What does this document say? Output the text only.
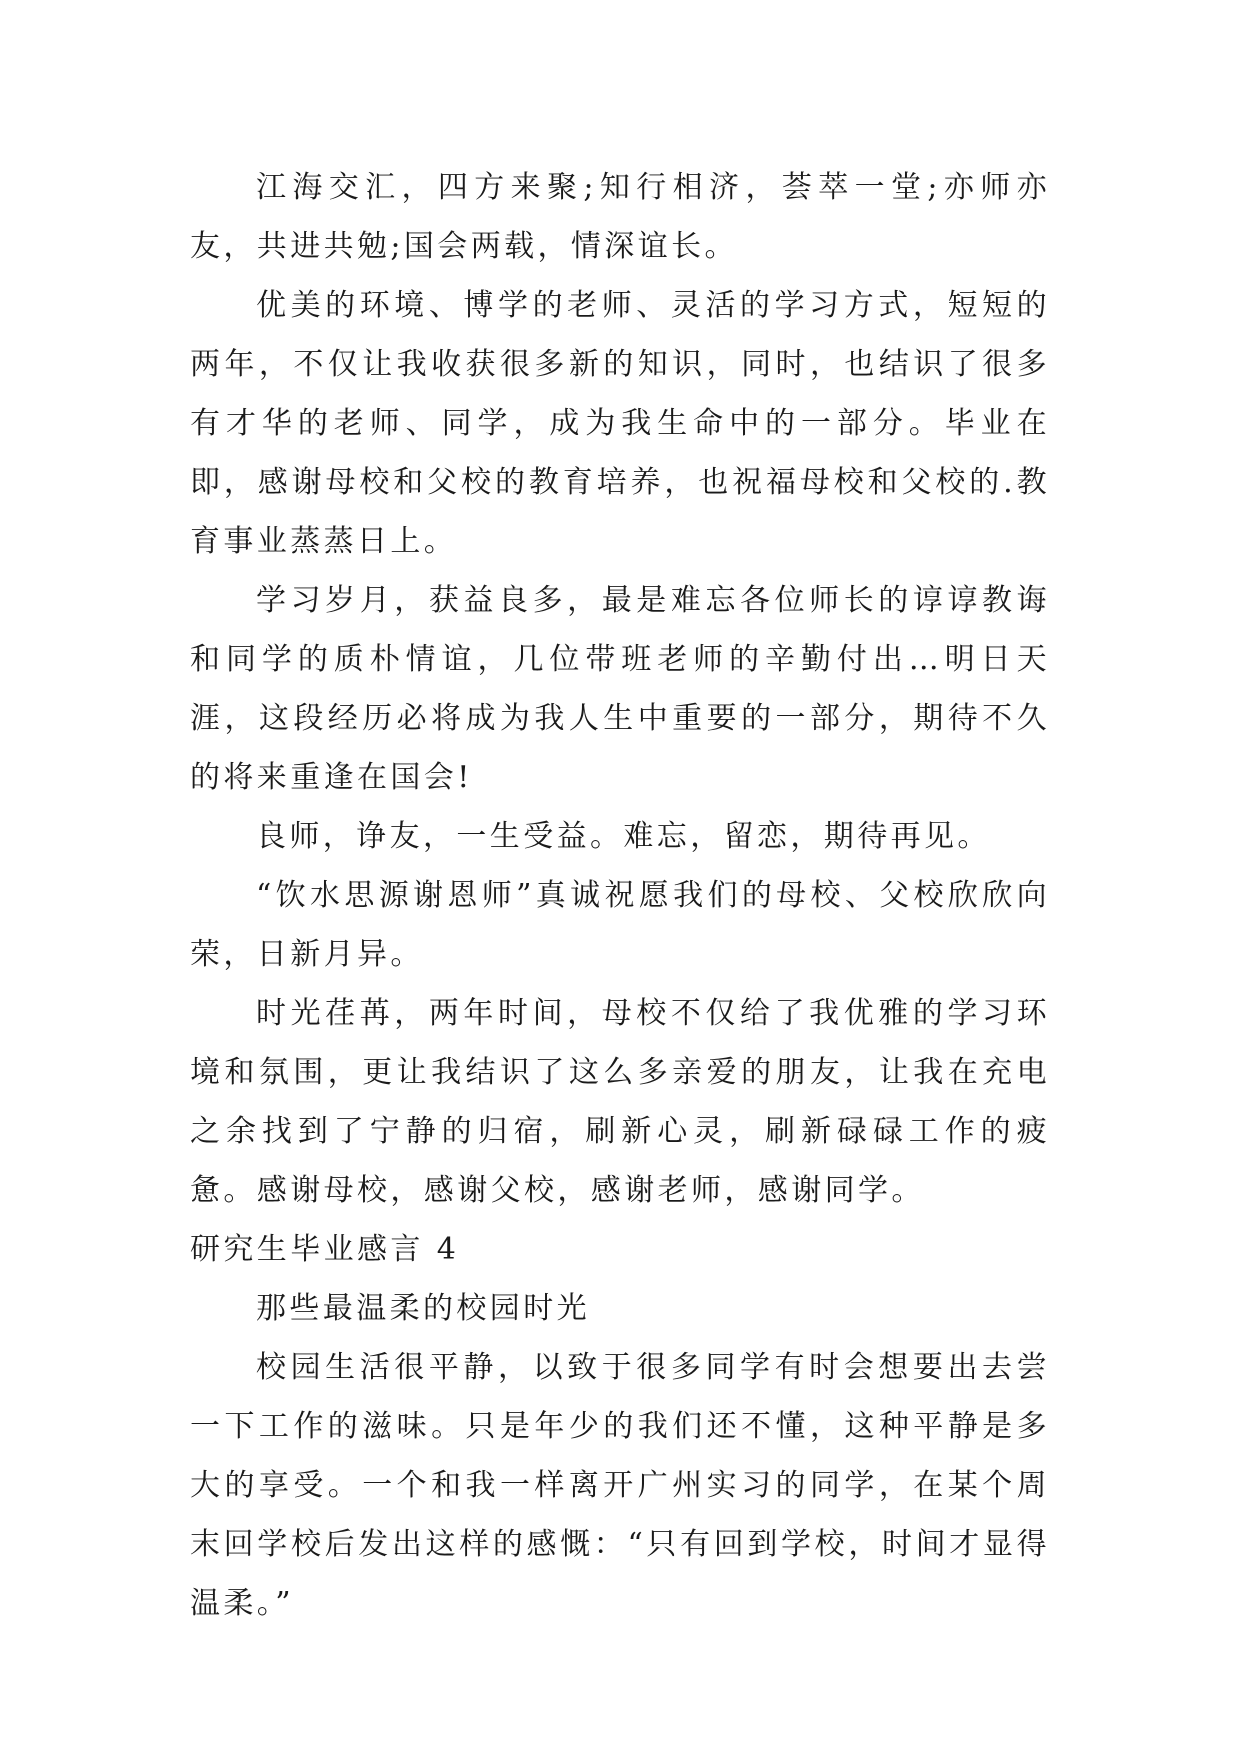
江海交汇，四方来聚;知行相济，荟萃一堂;亦师亦友，共进共勉;国会两载，情深谊长。

优美的环境、博学的老师、灵活的学习方式，短短的两年，不仅让我收获很多新的知识，同时，也结识了很多有才华的老师、同学，成为我生命中的一部分。毕业在即，感谢母校和父校的教育培养，也祝福母校和父校的.教育事业蒸蒸日上。

学习岁月，获益良多，最是难忘各位师长的谆谆教诲和同学的质朴情谊，几位带班老师的辛勤付出…明日天涯，这段经历必将成为我人生中重要的一部分，期待不久的将来重逢在国会!

良师，诤友，一生受益。难忘，留恋，期待再见。

“饮水思源谢恩师”真诚祝愿我们的母校、父校欣欣向荣，日新月异。

时光荏苒，两年时间，母校不仅给了我优雅的学习环境和氛围，更让我结识了这么多亲爱的朋友，让我在充电之余找到了宁静的归宿，刷新心灵，刷新碌碌工作的疲惫。感谢母校，感谢父校，感谢老师，感谢同学。

研究生毕业感言 4

那些最温柔的校园时光

校园生活很平静，以致于很多同学有时会想要出去尝一下工作的滋味。只是年少的我们还不懂，这种平静是多大的享受。一个和我一样离开广州实习的同学，在某个周末回学校后发出这样的感慨：“只有回到学校，时间才显得温柔。”
